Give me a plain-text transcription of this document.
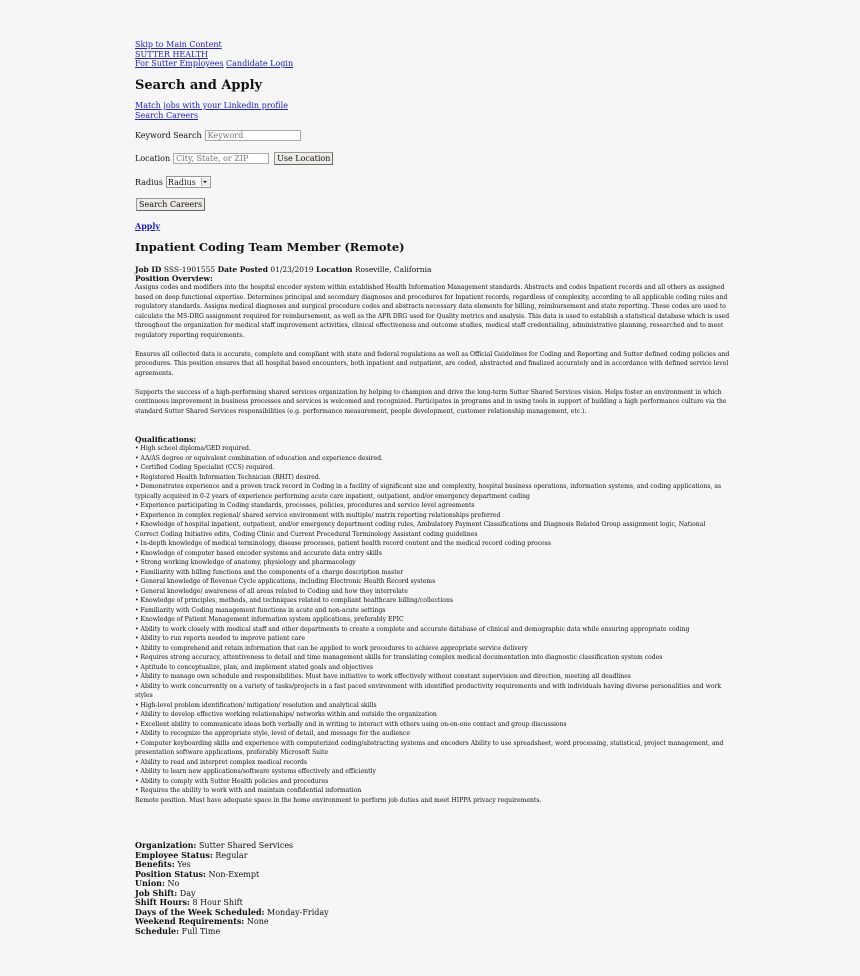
Skip to Main Content
SUTTER HEALTH
For Sutter Employees Candidate Login
Search and Apply
Match jobs with your Linkedin profile
Search Careers
Keyword Search
Keyword
Location
City, State, or ZIP	Use Location
Radius Radius
Search Careers
Apply
Inpatient Coding Team Member (Remote)
Job ID SSS-1901555 Date Posted 01/23/2019 Location Roseville, California
Position Overview:

Assigns codes and modifiers into the hospital encoder system within established Health Information Management standards. Abstracts and codes Inpatient records and all others as assigned based on deep functional expertise. Determines principal and secondary diagnoses and procedures for Inpatient records, regardless of complexity, according to all applicable coding rules and regulatory standards. Assigns medical diagnoses and surgical procedure codes and abstracts necessary data elements for billing, reimbursement and state reporting. These codes are used to calculate the MS-DRG assignment required for reimbursement, as well as the APR DRG used for Quality metrics and analysis. This data is used to establish a statistical database which is used throughout the organization for medical staff improvement activities, clinical effectiveness and outcome studies, medical staff credentialing, administrative planning, researched and to meet regulatory reporting requirements.

Ensures all collected data is accurate, complete and compliant with state and federal regulations as well as Official Guidelines for Coding and Reporting and Sutter defined coding policies and procedures. This position ensures that all hospital based encounters, both inpatient and outpatient, are coded, abstracted and finalized accurately and in accordance with defined service level agreements.

Supports the success of a high-performing shared services organization by helping to champion and drive the long-term Sutter Shared Services vision. Helps foster an environment in which continuous improvement in business processes and services is welcomed and recognized. Participates in programs and in using tools in support of building a high performance culture via the standard Sutter Shared Services responsibilities (e.g. performance measurement, people development, customer relationship management, etc.).

Qualifications:
• High school diploma/GED required.
• AA/AS degree or equivalent combination of education and experience desired.
• Certified Coding Specialist (CCS) required.
• Registered Health Information Technician (RHIT) desired.
• Demonstrates experience and a proven track record in Coding in a facility of significant size and complexity, hospital business operations, information systems, and coding applications, as typically acquired in 0-2 years of experience performing acute care inpatient, outpatient, and/or emergency department coding
• Experience participating in Coding standards, processes, policies, procedures and service level agreements
• Experience in complex regional/ shared service environment with multiple/ matrix reporting relationships preferred
• Knowledge of hospital inpatient, outpatient, and/or emergency department coding rules, Ambulatory Payment Classifications and Diagnosis Related Group assignment logic, National Correct Coding Initiative edits, Coding Clinic and Current Procedural Terminology Assistant coding guidelines
• In-depth knowledge of medical terminology, disease processes, patient health record content and the medical record coding process
• Knowledge of computer based encoder systems and accurate data entry skills
• Strong working knowledge of anatomy, physiology and pharmacology
• Familiarity with billing functions and the components of a charge description master
• General knowledge of Revenue Cycle applications, including Electronic Health Record systems
• General knowledge/ awareness of all areas related to Coding and how they interrelate
• Knowledge of principles, methods, and techniques related to compliant healthcare billing/collections
• Familiarity with Coding management functions in acute and non-acute settings
• Knowledge of Patient Management information system applications, preferably EPIC
• Ability to work closely with medical staff and other departments to create a complete and accurate database of clinical and demographic data while ensuring appropriate coding
• Ability to run reports needed to improve patient care
• Ability to comprehend and retain information that can be applied to work procedures to achieve appropriate service delivery
• Requires strong accuracy, attentiveness to detail and time management skills for translating complex medical documentation into diagnostic classification system codes
• Aptitude to conceptualize, plan, and implement stated goals and objectives
• Ability to manage own schedule and responsibilities. Must have initiative to work effectively without constant supervision and direction, meeting all deadlines
• Ability to work concurrently on a variety of tasks/projects in a fast paced environment with identified productivity requirements and with individuals having diverse personalities and work styles
• High-level problem identification/ mitigation/ resolution and analytical skills
• Ability to develop effective working relationships/ networks within and outside the organization
• Excellent ability to communicate ideas both verbally and in writing to interact with others using on-on-one contact and group discussions
• Ability to recognize the appropriate style, level of detail, and message for the audience
• Computer keyboarding skills and experience with computerized coding/abstracting systems and encoders Ability to use spreadsheet, word processing, statistical, project management, and presentation software applications, preferably Microsoft Suite
• Ability to read and interpret complex medical records
• Ability to learn new applications/software systems effectively and efficiently
• Ability to comply with Sutter Health policies and procedures
• Requires the ability to work with and maintain confidential information

Remote position. Must have adequate space in the home environment to perform job duties and meet HIPPA privacy requirements.

Organization: Sutter Shared Services
Employee Status: Regular
Benefits: Yes
Position Status: Non-Exempt
Union: No
Job Shift: Day
Shift Hours: 8 Hour Shift
Days of the Week Scheduled: Monday-Friday
Weekend Requirements: None
Schedule: Full Time
